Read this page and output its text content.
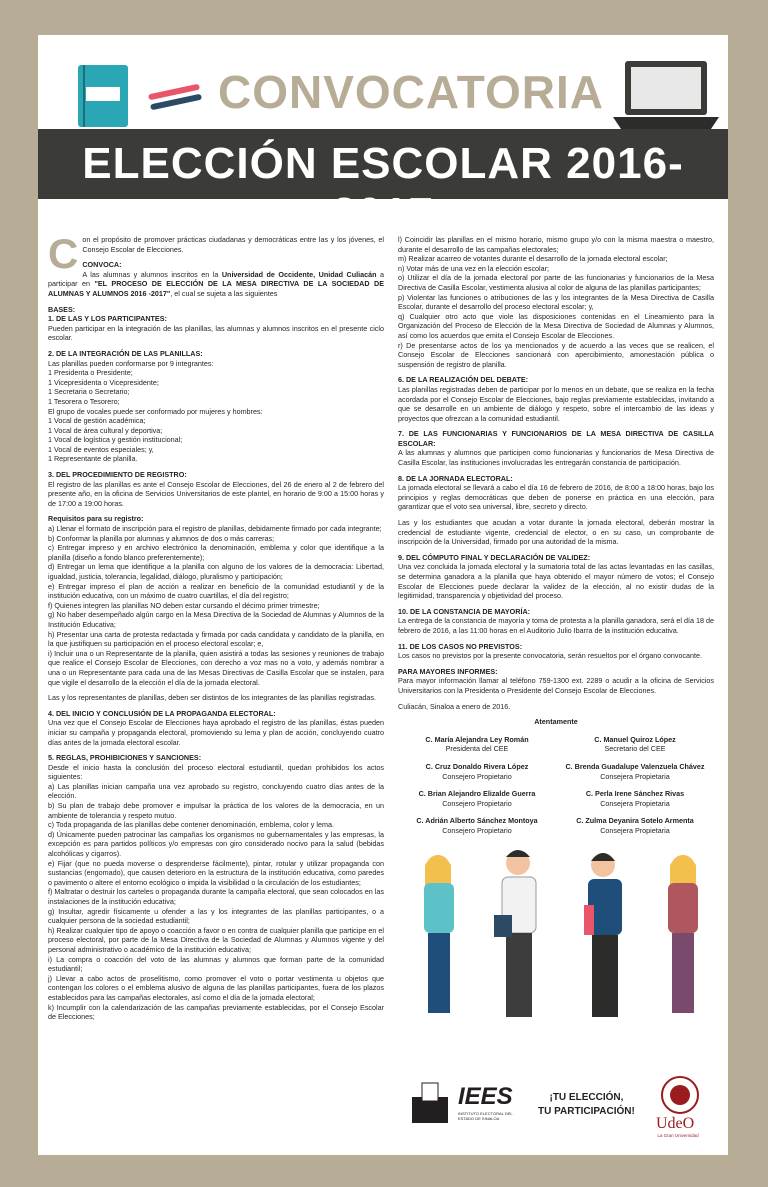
CONVOCATORIA
ELECCIÓN ESCOLAR 2016-2017

Con el propósito de promover prácticas ciudadanas y democráticas entre las y los jóvenes, el Consejo Escolar de Elecciones.

CONVOCA:

A las alumnas y alumnos inscritos en la Universidad de Occidente, Unidad Culiacán a participar en "EL PROCESO DE ELECCIÓN DE LA MESA DIRECTIVA DE LA SOCIEDAD DE ALUMNAS Y ALUMNOS 2016 -2017", el cual se sujeta a las siguientes

BASES:

1. DE LAS Y LOS PARTICIPANTES:

Pueden participar en la integración de las planillas, las alumnas y alumnos inscritos en el presente ciclo escolar.

2. DE LA INTEGRACIÓN DE LAS PLANILLAS:

Las planillas pueden conformarse por 9 integrantes:
1 Presidenta o Presidente;
1 Vicepresidenta o Vicepresidente;
1 Secretaria o Secretario;
1 Tesorera o Tesorero;
El grupo de vocales puede ser conformado por mujeres y hombres:
1 Vocal de gestión académica;
1 Vocal de área cultural y deportiva;
1 Vocal de logística y gestión institucional;
1 Vocal de eventos especiales; y,
1 Representante de planilla.

3. DEL PROCEDIMIENTO DE REGISTRO:

El registro de las planillas es ante el Consejo Escolar de Elecciones, del 26 de enero al 2 de febrero del presente año, en la oficina de Servicios Universitarios de este plantel, en horario de 9:00 a 15:00 horas y de 17:00 a 19:00 horas.

Requisitos para su registro:

a) Llenar el formato de inscripción para el registro de planillas, debidamente firmado por cada integrante;
b) Conformar la planilla por alumnas y alumnos de dos o más carreras;
c) Entregar impreso y en archivo electrónico la denominación, emblema y color que identifique a la planilla (diseño a fondo blanco preferentemente);
d) Entregar un lema que identifique a la planilla con alguno de los valores de la democracia: Libertad, igualdad, justicia, tolerancia, legalidad, diálogo, pluralismo y participación;
e) Entregar impreso el plan de acción a realizar en beneficio de la comunidad estudiantil y de la institución educativa, con un máximo de cuatro cuartillas, el día del registro;
f) Quienes integren las planillas NO deben estar cursando el décimo primer trimestre;
g) No haber desempeñado algún cargo en la Mesa Directiva de la Sociedad de Alumnas y Alumnos de la Institución Educativa;
h) Presentar una carta de protesta redactada y firmada por cada candidata y candidato de la planilla, en la que justifiquen su participación en el proceso electoral escolar; e,
i) Incluir una o un Representante de la planilla, quien asistirá a todas las sesiones y reuniones de trabajo que realice el Consejo Escolar de Elecciones, con derecho a voz mas no a voto, y además nombrar a una o un Representante para cada una de las Mesas Directivas de Casilla Escolar que se instalen, para que vigile el desarrollo de la elección el día de la jornada electoral.

Las y los representantes de planillas, deben ser distintos de los integrantes de las planillas registradas.

4. DEL INICIO Y CONCLUSIÓN DE LA PROPAGANDA ELECTORAL:

Una vez que el Consejo Escolar de Elecciones haya aprobado el registro de las planillas, éstas pueden iniciar su campaña y propaganda electoral, promoviendo su lema y plan de acción, concluyendo cuatro días antes de la jornada electoral escolar.

5. REGLAS, PROHIBICIONES Y SANCIONES:

Desde el inicio hasta la conclusión del proceso electoral estudiantil, quedan prohibidos los actos siguientes:
a) Las planillas inician campaña una vez aprobado su registro, concluyendo cuatro días antes de la elección.
b) Su plan de trabajo debe promover e impulsar la práctica de los valores de la democracia, en un ambiente de tolerancia y respeto mutuo.
c) Toda propaganda de las planillas debe contener denominación, emblema, color y lema.
d) Únicamente pueden patrocinar las campañas los organismos no gubernamentales y las empresas, la excepción es para partidos políticos y/o empresas con giro considerado nocivo para la salud (bebidas alcohólicas y cigarros).
e) Fijar (que no pueda moverse o desprenderse fácilmente), pintar, rotular y utilizar propaganda con sustancias (engomado), que causen deterioro en la estructura de la institución educativa, como paredes o pavimento o altere el entorno ecológico o impida la visibilidad o la circulación de los estudiantes;
f) Maltratar o destruir los carteles o propaganda durante la campaña electoral, que sean colocados en las instalaciones de la institución educativa;
g) Insultar, agredir físicamente u ofender a las y los integrantes de las planillas participantes, o a cualquier persona de la sociedad estudiantil;
h) Realizar cualquier tipo de apoyo o coacción a favor o en contra de cualquier planilla que participe en el proceso electoral, por parte de la Mesa Directiva de la Sociedad de Alumnas y Alumnos vigente y del personal administrativo o académico de la institución educativa;
i) La compra o coacción del voto de las alumnas y alumnos que forman parte de la comunidad estudiantil;
j) Llevar a cabo actos de proselitismo, como promover el voto o portar vestimenta u objetos que contengan los colores o el emblema alusivo de alguna de las planillas participantes, fuera de los plazos establecidos para las campañas electorales, así como el día de la jornada electoral;
k) Incumplir con la calendarización de las campañas previamente establecidas, por el Consejo Escolar de Elecciones;
l) Coincidir las planillas en el mismo horario, mismo grupo y/o con la misma maestra o maestro, durante el desarrollo de las campañas electorales;
m) Realizar acarreo de votantes durante el desarrollo de la jornada electoral escolar;
n) Votar más de una vez en la elección escolar;
o) Utilizar el día de la jornada electoral por parte de las funcionarias y funcionarios de la Mesa Directiva de Casilla Escolar, vestimenta alusiva al color de alguna de las planillas participantes;
p) Violentar las funciones o atribuciones de las y los integrantes de la Mesa Directiva de Casilla Escolar, durante el desarrollo del proceso electoral escolar; y,
q) Cualquier otro acto que viole las disposiciones contenidas en el Lineamiento para la Organización del Proceso de Elección de la Mesa Directiva de Sociedad de Alumnas y Alumnos, así como los acuerdos que emita el Consejo Escolar de Elecciones.
r) De presentarse actos de los ya mencionados y de acuerdo a las veces que se realicen, el Consejo Escolar de Elecciones sancionará con apercibimiento, amonestación pública o suspensión de registro de planilla.

6. DE LA REALIZACIÓN DEL DEBATE:

Las planillas registradas deben de participar por lo menos en un debate, que se realiza en la fecha acordada por el Consejo Escolar de Elecciones, bajo reglas previamente establecidas, invitando a que se desarrolle en un ambiente de diálogo y respeto, sobre el intercambio de las ideas y proyectos que ofrezcan a la comunidad estudiantil.

7. DE LAS FUNCIONARIAS Y FUNCIONARIOS DE LA MESA DIRECTIVA DE CASILLA ESCOLAR:

A las alumnas y alumnos que participen como funcionarias y funcionarios de Mesa Directiva de Casilla Escolar, las instituciones involucradas les entregarán constancia de participación.

8. DE LA JORNADA ELECTORAL:

La jornada electoral se llevará a cabo el día 16 de febrero de 2016, de 8:00 a 18:00 horas, bajo los principios y reglas democráticas que deben de ponerse en práctica en una elección, para garantizar que el voto sea universal, libre, secreto y directo.

Las y los estudiantes que acudan a votar durante la jornada electoral, deberán mostrar la credencial de estudiante vigente, credencial de elector, o en su caso, un comprobante de inscripción de la Universidad, firmado por una autoridad de la misma.

9. DEL CÓMPUTO FINAL Y DECLARACIÓN DE VALIDEZ:

Una vez concluida la jornada electoral y la sumatoria total de las actas levantadas en las casillas, se determina ganadora a la planilla que haya obtenido el mayor número de votos; el Consejo Escolar de Elecciones puede declarar la validez de la elección, al no existir dudas de la legitimidad, transparencia y objetividad del proceso.

10. DE LA CONSTANCIA DE MAYORÍA:

La entrega de la constancia de mayoría y toma de protesta a la planilla ganadora, será el día 18 de febrero de 2016, a las 11:00 horas en el Auditorio Julio Ibarra de la institución educativa.

11. DE LOS CASOS NO PREVISTOS:

Los casos no previstos por la presente convocatoria, serán resueltos por el órgano convocante.

PARA MAYORES INFORMES:

Para mayor información llamar al teléfono 759-1300 ext. 2289 o acudir a la oficina de Servicios Universitarios con la Presidenta o Presidente del Consejo Escolar de Elecciones.

Culiacán, Sinaloa a enero de 2016.

Atentamente
C. María Alejandra Ley Román
Presidenta del CEE
C. Manuel Quiroz López
Secretario del CEE
C. Cruz Donaldo Rivera López
Consejero Propietario
C. Brenda Guadalupe Valenzuela Chávez
Consejera Propietaria
C. Brian Alejandro Elizalde Guerra
Consejero Propietario
C. Perla Irene Sánchez Rivas
Consejera Propietaria
C. Adrián Alberto Sánchez Montoya
Consejero Propietario
C. Zulma Deyanira Sotelo Armenta
Consejera Propietaria
IEES
INSTITUTO ELECTORAL DEL ESTADO DE SINALOA
¡TU ELECCIÓN,
TU PARTICIPACIÓN!
UdeO
La Gran Universidad
